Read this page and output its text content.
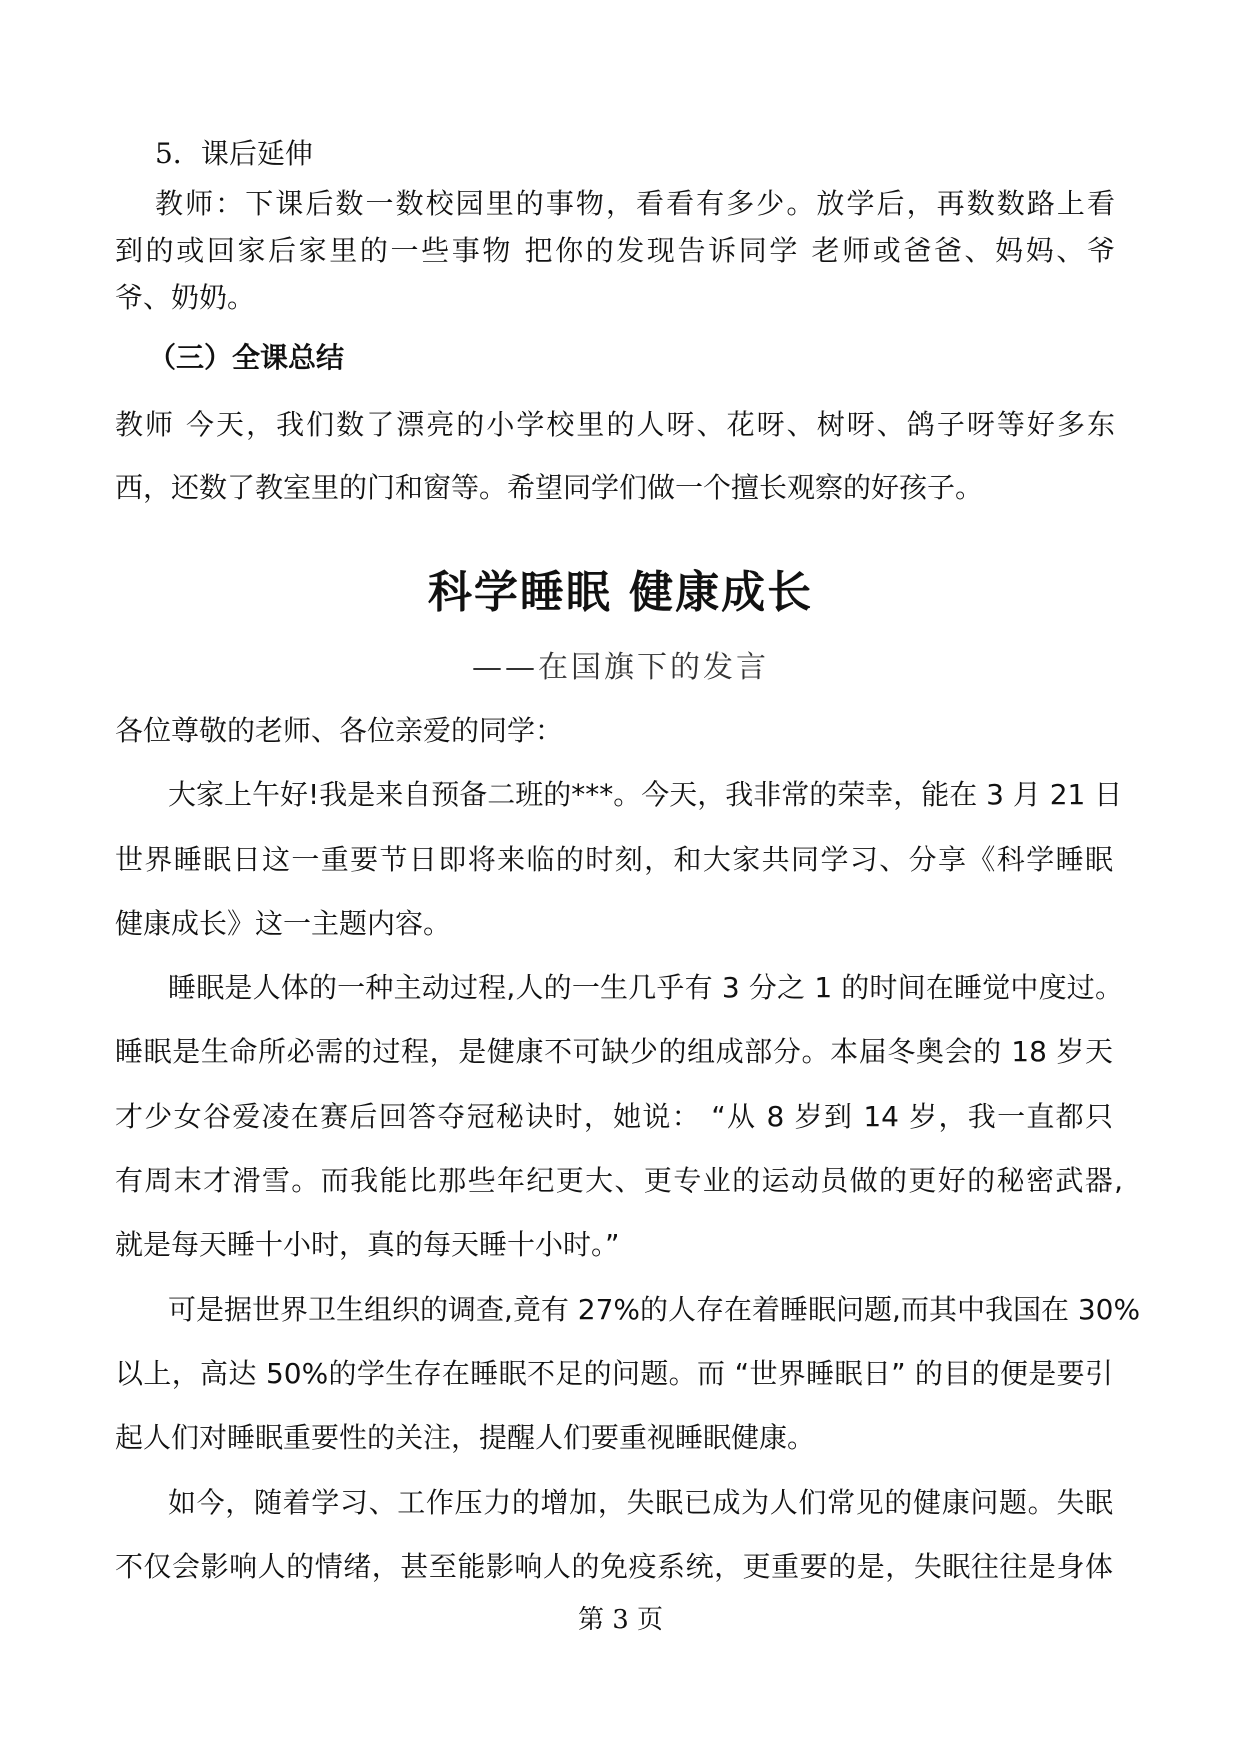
5．课后延伸
教师：下课后数一数校园里的事物，看看有多少。放学后，再数数路上看
到的或回家后家里的一些事物 把你的发现告诉同学 老师或爸爸、妈妈、爷
爷、奶奶。
（三）全课总结
教师 今天，我们数了漂亮的小学校里的人呀、花呀、树呀、鸽子呀等好多东
西，还数了教室里的门和窗等。希望同学们做一个擅长观察的好孩子。
科学睡眠 健康成长
——在国旗下的发言
各位尊敬的老师、各位亲爱的同学：
大家上午好!我是来自预备二班的***。今天，我非常的荣幸，能在 3 月 21 日
世界睡眠日这一重要节日即将来临的时刻，和大家共同学习、分享《科学睡眠
健康成长》这一主题内容。
睡眠是人体的一种主动过程,人的一生几乎有 3 分之 1 的时间在睡觉中度过。
睡眠是生命所必需的过程，是健康不可缺少的组成部分。本届冬奥会的 18 岁天
才少女谷爱凌在赛后回答夺冠秘诀时，她说： “从 8 岁到 14 岁，我一直都只
有周末才滑雪。而我能比那些年纪更大、更专业的运动员做的更好的秘密武器,
就是每天睡十小时，真的每天睡十小时。”
可是据世界卫生组织的调查,竟有 27%的人存在着睡眠问题,而其中我国在 30%
以上，高达 50%的学生存在睡眠不足的问题。而 “世界睡眠日” 的目的便是要引
起人们对睡眠重要性的关注，提醒人们要重视睡眠健康。
如今，随着学习、工作压力的增加，失眠已成为人们常见的健康问题。失眠
不仅会影响人的情绪，甚至能影响人的免疫系统，更重要的是，失眠往往是身体
第 3 页
